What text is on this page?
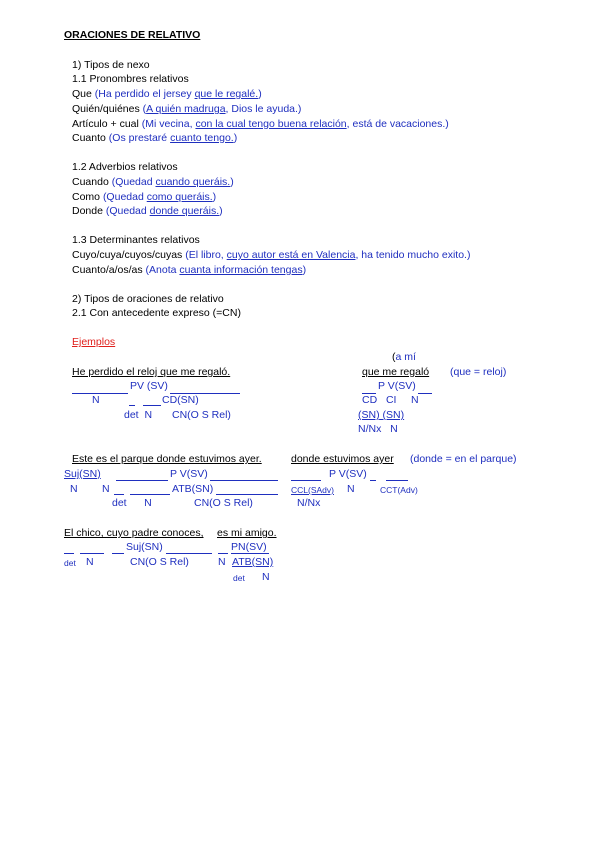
ORACIONES DE RELATIVO
1) Tipos de nexo
1.1 Pronombres relativos
Que (Ha perdido el jersey que le regalé.)
Quién/quiénes (A quién madruga, Dios le ayuda.)
Artículo + cual (Mi vecina, con la cual tengo buena relación, está de vacaciones.)
Cuanto (Os prestaré cuanto tengo.)
1.2 Adverbios relativos
Cuando (Quedad cuando queráis.)
Como (Quedad como queráis.)
Donde (Quedad donde queráis.)
1.3 Determinantes relativos
Cuyo/cuya/cuyos/cuyas (El libro, cuyo autor está en Valencia, ha tenido mucho exito.)
Cuanto/a/os/as (Anota cuanta información tengas)
2) Tipos de oraciones de relativo
2.1 Con antecedente expreso (=CN)
Ejemplos
He perdido el reloj que me regaló.
PV (SV)
N	CD(SN)
det N CN(O S Rel)
(a mí
que me regaló (que = reloj)
P V(SV)
CD CI N
(SN) (SN)
N/Nx N
Este es el parque donde estuvimos ayer.
Suj(SN)	P V(SV)
N N	ATB(SN)
det N	CN(O S Rel)
donde estuvimos ayer (donde = en el parque)
P V(SV)
CCL(SAdv) N	CCT(Adv)
N/Nx
El chico, cuyo padre conoces, es mi amigo.
Suj(SN)	PN(SV)
det N	CN(O S Rel)	N ATB(SN)
det N
